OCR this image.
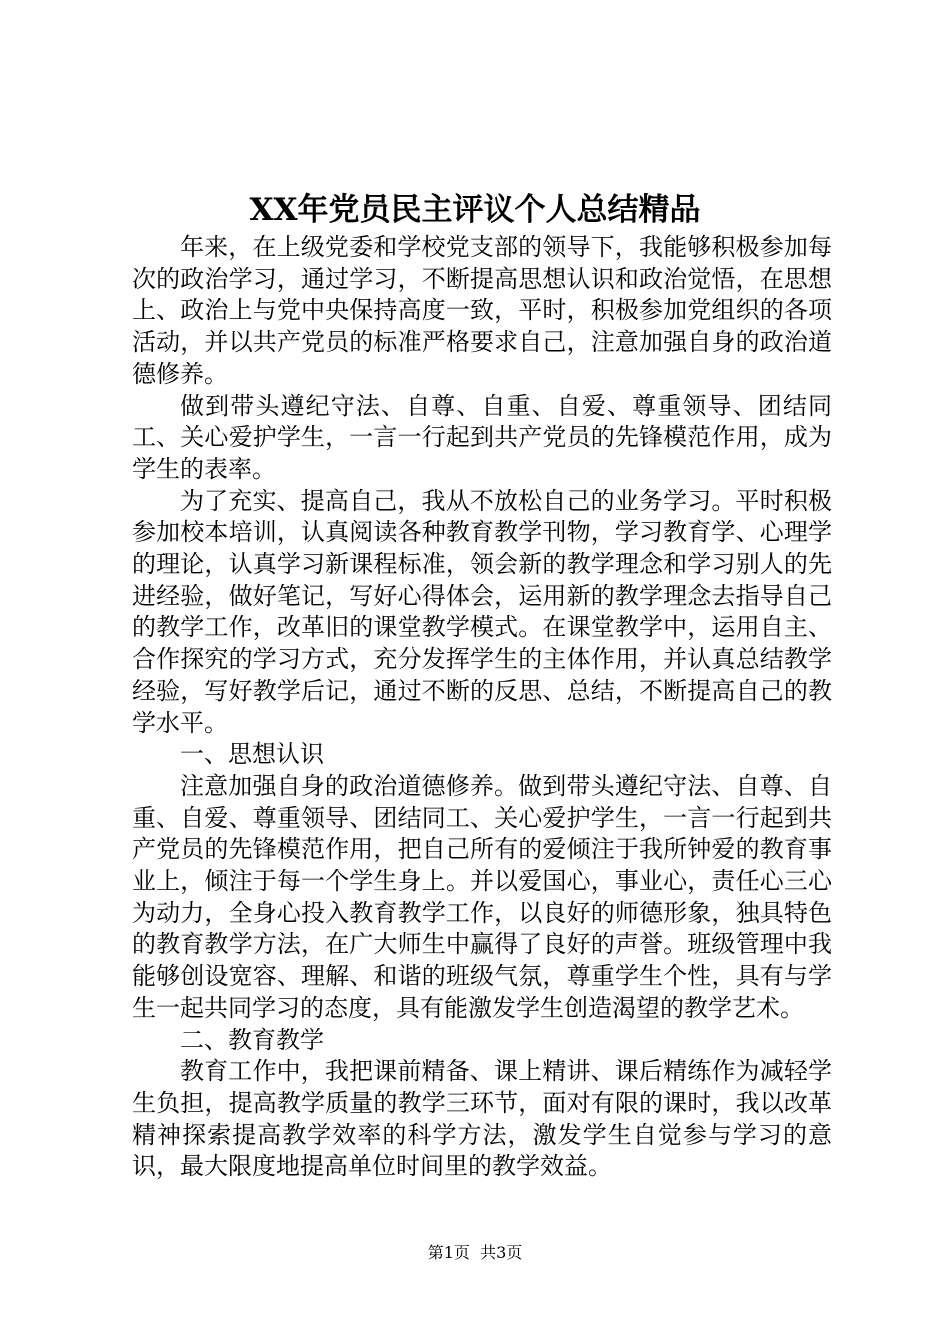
XX年党员民主评议个人总结精品

年来，在上级党委和学校党支部的领导下，我能够积极参加每次的政治学习，通过学习，不断提高思想认识和政治觉悟，在思想上、政治上与党中央保持高度一致，平时，积极参加党组织的各项活动，并以共产党员的标准严格要求自己，注意加强自身的政治道德修养。

做到带头遵纪守法、自尊、自重、自爱、尊重领导、团结同工、关心爱护学生，一言一行起到共产党员的先锋模范作用，成为学生的表率。

为了充实、提高自己，我从不放松自己的业务学习。平时积极参加校本培训，认真阅读各种教育教学刊物，学习教育学、心理学的理论，认真学习新课程标准，领会新的教学理念和学习别人的先进经验，做好笔记，写好心得体会，运用新的教学理念去指导自己的教学工作，改革旧的课堂教学模式。在课堂教学中，运用自主、合作探究的学习方式，充分发挥学生的主体作用，并认真总结教学经验，写好教学后记，通过不断的反思、总结，不断提高自己的教学水平。

一、思想认识

注意加强自身的政治道德修养。做到带头遵纪守法、自尊、自重、自爱、尊重领导、团结同工、关心爱护学生，一言一行起到共产党员的先锋模范作用，把自己所有的爱倾注于我所钟爱的教育事业上，倾注于每一个学生身上。并以爱国心，事业心，责任心三心为动力，全身心投入教育教学工作，以良好的师德形象，独具特色的教育教学方法，在广大师生中赢得了良好的声誉。班级管理中我能够创设宽容、理解、和谐的班级气氛，尊重学生个性，具有与学生一起共同学习的态度，具有能激发学生创造渴望的教学艺术。

二、教育教学

教育工作中，我把课前精备、课上精讲、课后精练作为减轻学生负担，提高教学质量的教学三环节，面对有限的课时，我以改革精神探索提高教学效率的科学方法，激发学生自觉参与学习的意识，最大限度地提高单位时间里的教学效益。

第1页  共3页
